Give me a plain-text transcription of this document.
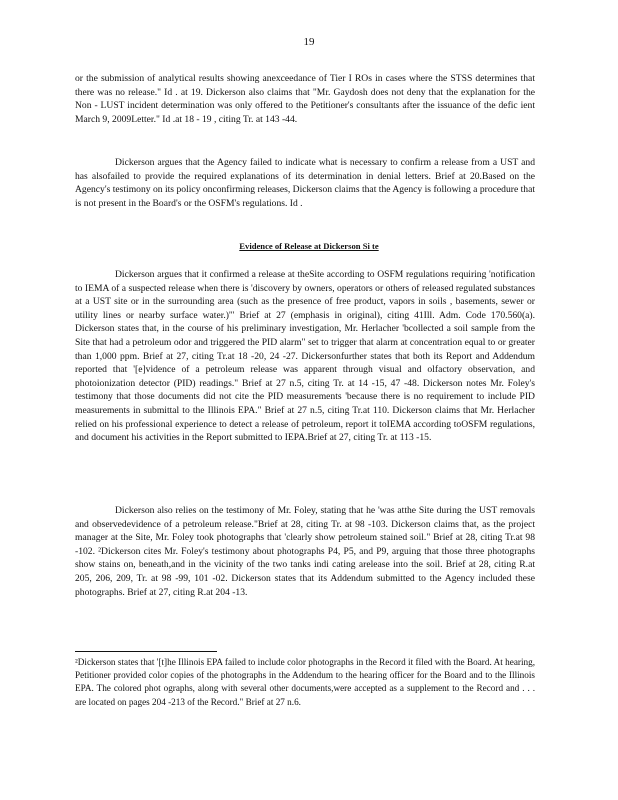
19
or the submission of analytical results showing anexceedance of Tier I ROs in cases where the STSS determines that there was no release." Id . at 19. Dickerson also claims that "Mr. Gaydosh does not deny that the explanation for the Non - LUST incident determination was only offered to the Petitioner's consultants after the issuance of the defic ient March 9, 2009Letter." Id .at 18 - 19 , citing Tr. at 143 -44.
Dickerson argues that the Agency failed to indicate what is necessary to confirm a release from a UST and has alsofailed to provide the required explanations of its determination in denial letters. Brief at 20.Based on the Agency's testimony on its policy onconfirming releases, Dickerson claims that the Agency is following a procedure that is not present in the Board's or the OSFM's regulations. Id .
Evidence of Release at Dickerson Si te
Dickerson argues that it confirmed a release at theSite according to OSFM regulations requiring 'notification to IEMA of a suspected release when there is 'discovery by owners, operators or others of released regulated substances at a UST site or in the surrounding area (such as the presence of free product, vapors in soils , basements, sewer or utility lines or nearby surface water.)'" Brief at 27 (emphasis in original), citing 41Ill. Adm. Code 170.560(a). Dickerson states that, in the course of his preliminary investigation, Mr. Herlacher 'bcollected a soil sample from the Site that had a petroleum odor and triggered the PID alarm" set to trigger that alarm at concentration equal to or greater than 1,000 ppm. Brief at 27, citing Tr.at 18 -20, 24 -27. Dickersonfurther states that both its Report and Addendum reported that '[e]vidence of a petroleum release was apparent through visual and olfactory observation, and photoionization detector (PID) readings." Brief at 27 n.5, citing Tr. at 14 -15, 47 -48. Dickerson notes Mr. Foley's testimony that those documents did not cite the PID measurements 'because there is no requirement to include PID measurements in submittal to the Illinois EPA." Brief at 27 n.5, citing Tr.at 110. Dickerson claims that Mr. Herlacher relied on his professional experience to detect a release of petroleum, report it toIEMA according toOSFM regulations, and document his activities in the Report submitted to IEPA.Brief at 27, citing Tr. at 113 -15.
Dickerson also relies on the testimony of Mr. Foley, stating that he 'was atthe Site during the UST removals and observedevidence of a petroleum release."Brief at 28, citing Tr. at 98 -103. Dickerson claims that, as the project manager at the Site, Mr. Foley took photographs that 'clearly show petroleum stained soil." Brief at 28, citing Tr.at 98 -102. ²Dickerson cites Mr. Foley's testimony about photographs P4, P5, and P9, arguing that those three photographs show stains on, beneath,and in the vicinity of the two tanks indi cating arelease into the soil. Brief at 28, citing R.at 205, 206, 209, Tr. at 98 -99, 101 -02. Dickerson states that its Addendum submitted to the Agency included these photographs. Brief at 27, citing R.at 204 -13.
²Dickerson states that '[t]he Illinois EPA failed to include color photographs in the Record it filed with the Board. At hearing, Petitioner provided color copies of the photographs in the Addendum to the hearing officer for the Board and to the Illinois EPA. The colored phot ographs, along with several other documents,were accepted as a supplement to the Record and . . . are located on pages 204 -213 of the Record." Brief at 27 n.6.
